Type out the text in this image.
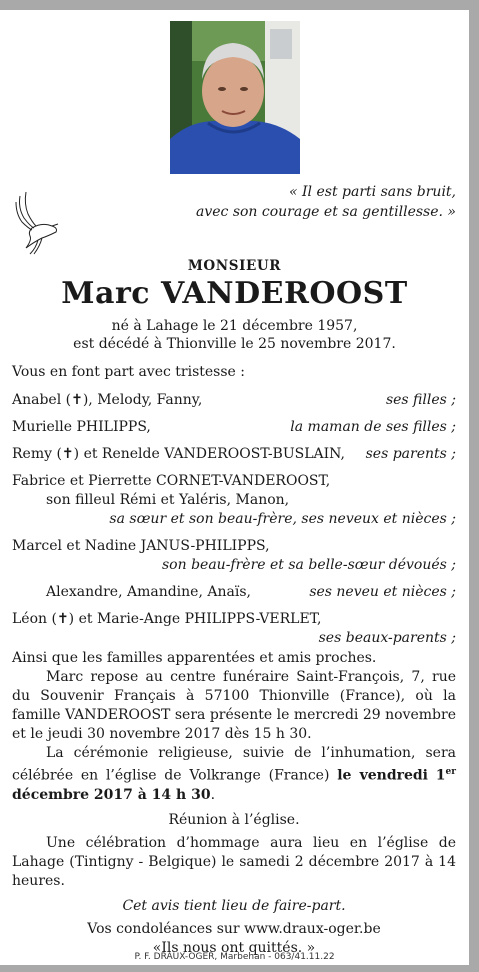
« Il est parti sans bruit,
avec son courage et sa gentillesse. »
MONSIEUR
Marc VANDEROOST
né à Lahage le 21 décembre 1957,
est décédé à Thionville le 25 novembre 2017.
Vous en font part avec tristesse :
Anabel (✝), Melody, Fanny,	ses filles ;
Murielle PHILIPPS,	la maman de ses filles ;
Remy (✝) et Renelde VANDEROOST-BUSLAIN, ses parents ;
Fabrice et Pierrette CORNET-VANDEROOST,
son filleul Rémi et Yaléris, Manon,
sa sœur et son beau-frère, ses neveux et nièces ;
Marcel et Nadine JANUS-PHILIPPS,
son beau-frère et sa belle-sœur dévoués ;
Alexandre, Amandine, Anaïs,	ses neveu et nièces ;
Léon (✝) et Marie-Ange PHILIPPS-VERLET,
ses beaux-parents ;
Ainsi que les familles apparentées et amis proches.
Marc repose au centre funéraire Saint-François, 7, rue du Souvenir Français à 57100 Thionville (France), où la famille VANDEROOST sera présente le mercredi 29 novembre et le jeudi 30 novembre 2017 dès 15 h 30.
La cérémonie religieuse, suivie de l’inhumation, sera célébrée en l’église de Volkrange (France) le vendredi 1er décembre 2017 à 14 h 30.
Réunion à l’église.
Une célébration d’hommage aura lieu en l’église de Lahage (Tintigny - Belgique) le samedi 2 décembre 2017 à 14 heures.
Cet avis tient lieu de faire-part.
Vos condoléances sur www.draux-oger.be
«Ils nous ont quittés. »
P. F. DRAUX-OGER, Marbehan - 063/41.11.22
